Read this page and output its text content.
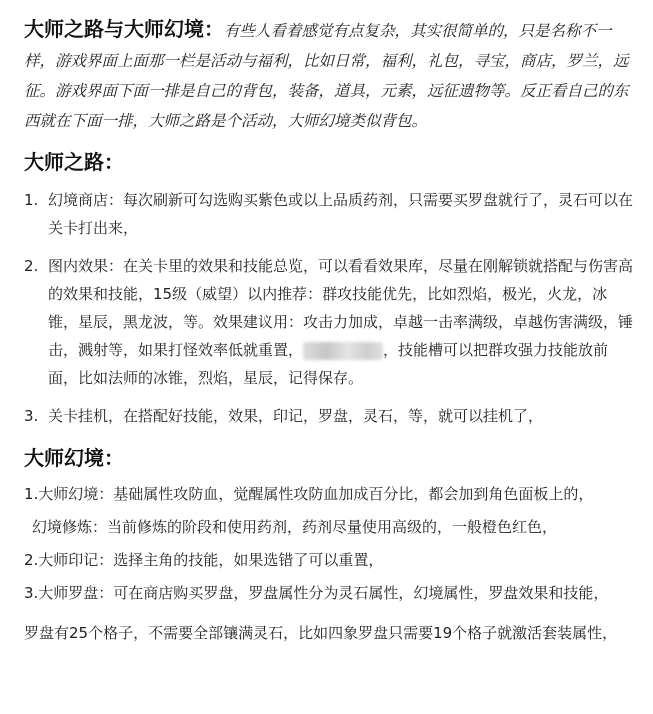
大师之路与大师幻境：有些人看着感觉有点复杂，其实很简单的，只是名称不一样，游戏界面上面那一栏是活动与福利，比如日常，福利，礼包，寻宝，商店，罗兰，远征。游戏界面下面一排是自己的背包，装备，道具，元素，远征遗物等。反正看自己的东西就在下面一排，大师之路是个活动，大师幻境类似背包。

大师之路：
1. 幻境商店：每次刷新可勾选购买紫色或以上品质药剂，只需要买罗盘就行了，灵石可以在关卡打出来，
2. 图内效果：在关卡里的效果和技能总览，可以看看效果库，尽量在刚解锁就搭配与伤害高的效果和技能，15级（威望）以内推荐：群攻技能优先，比如烈焰，极光，火龙，冰锥，星辰，黑龙波，等。效果建议用：攻击力加成，卓越一击率满级，卓越伤害满级，锤击，溅射等，如果打怪效率低就重置，	，技能槽可以把群攻强力技能放前面，比如法师的冰锥，烈焰，星辰，记得保存。
3. 关卡挂机，在搭配好技能，效果，印记，罗盘，灵石，等，就可以挂机了，
大师幻境：

1.大师幻境：基础属性攻防血，觉醒属性攻防血加成百分比，都会加到角色面板上的，

幻境修炼：当前修炼的阶段和使用药剂，药剂尽量使用高级的，一般橙色红色，

2.大师印记：选择主角的技能，如果选错了可以重置，

3.大师罗盘：可在商店购买罗盘，罗盘属性分为灵石属性，幻境属性，罗盘效果和技能，

罗盘有25个格子，不需要全部镶满灵石，比如四象罗盘只需要19个格子就激活套装属性，
